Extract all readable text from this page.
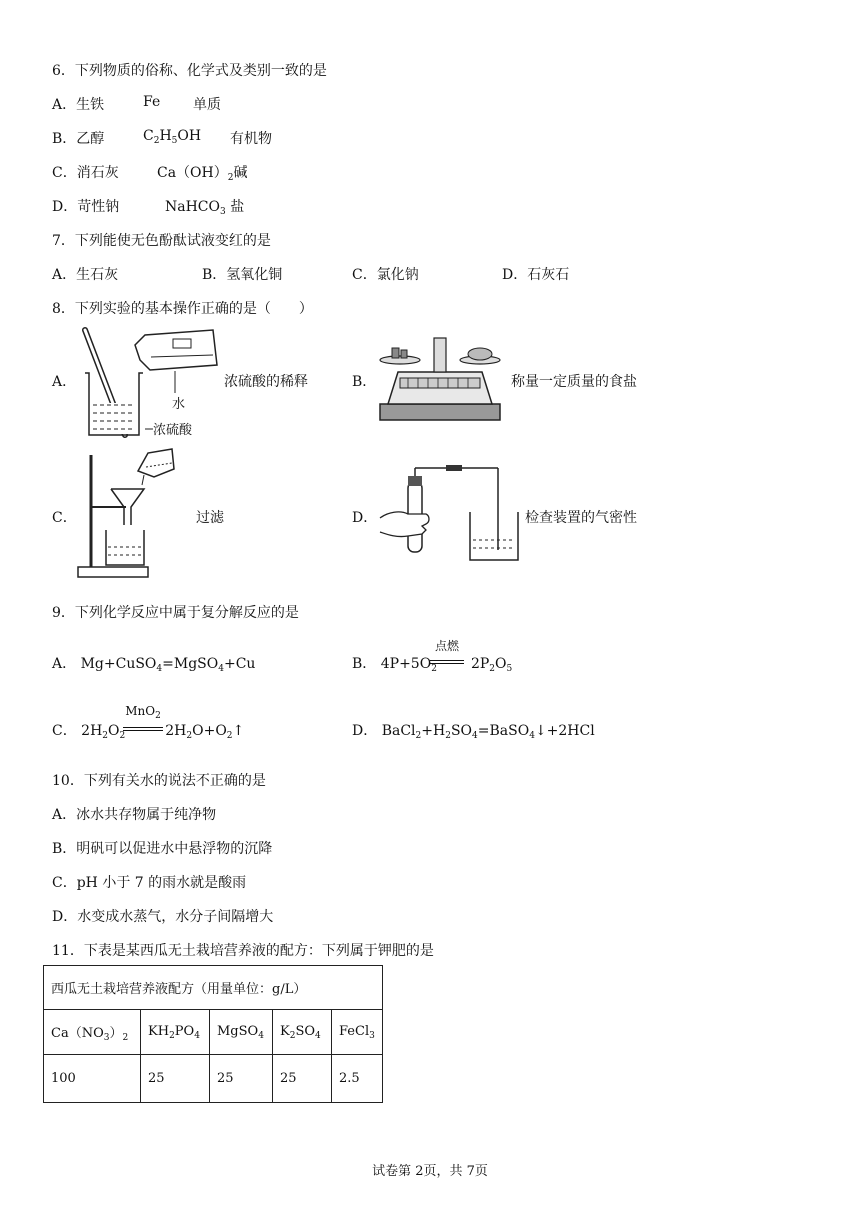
6．下列物质的俗称、化学式及类别一致的是
A．生铁	Fe 单质
B．乙醇	$C_2H_5OH$ 有机物
C．消石灰	$Ca(OH)_2$碱
D．苛性钠	NaHCO$_3$ 盐
7．下列能使无色酚酞试液变红的是
A．生石灰	B．氢氧化铜	C．氯化钠	D．石灰石
8．下列实验的基本操作正确的是（　　）
A．
水
浓硫酸
浓硫酸的稀释	B．	称量一定质量的食盐
C．	过滤	D．	检查装置的气密性
9．下列化学反应中属于复分解反应的是
A． Mg+CuSO$_4$=MgSO$_4$+Cu	B． $4P+5O_2$ $2P_2O_5$
点燃
C． $2H_2O_2$	$2H_2O+O_2↑$
MnO$_2$
D． $BaCl_2+H_2SO_4=BaSO_4↓+2HCl$
10．下列有关水的说法不正确的是
A．冰水共存物属于纯净物
B．明矾可以促进水中悬浮物的沉降
C．pH 小于 7 的雨水就是酸雨
D．水变成水蒸气，水分子间隔增大
11．下表是某西瓜无土栽培营养液的配方：下列属于钾肥的是
西瓜无土栽培营养液配方（用量单位：g/L）				
$Ca(NO_3)_2$	$KH_2PO_4$	MgSO$_4$	$K_2SO_4$	FeCl$_3$
100	25	25	25	2.5
试卷第 2页，共 7页
